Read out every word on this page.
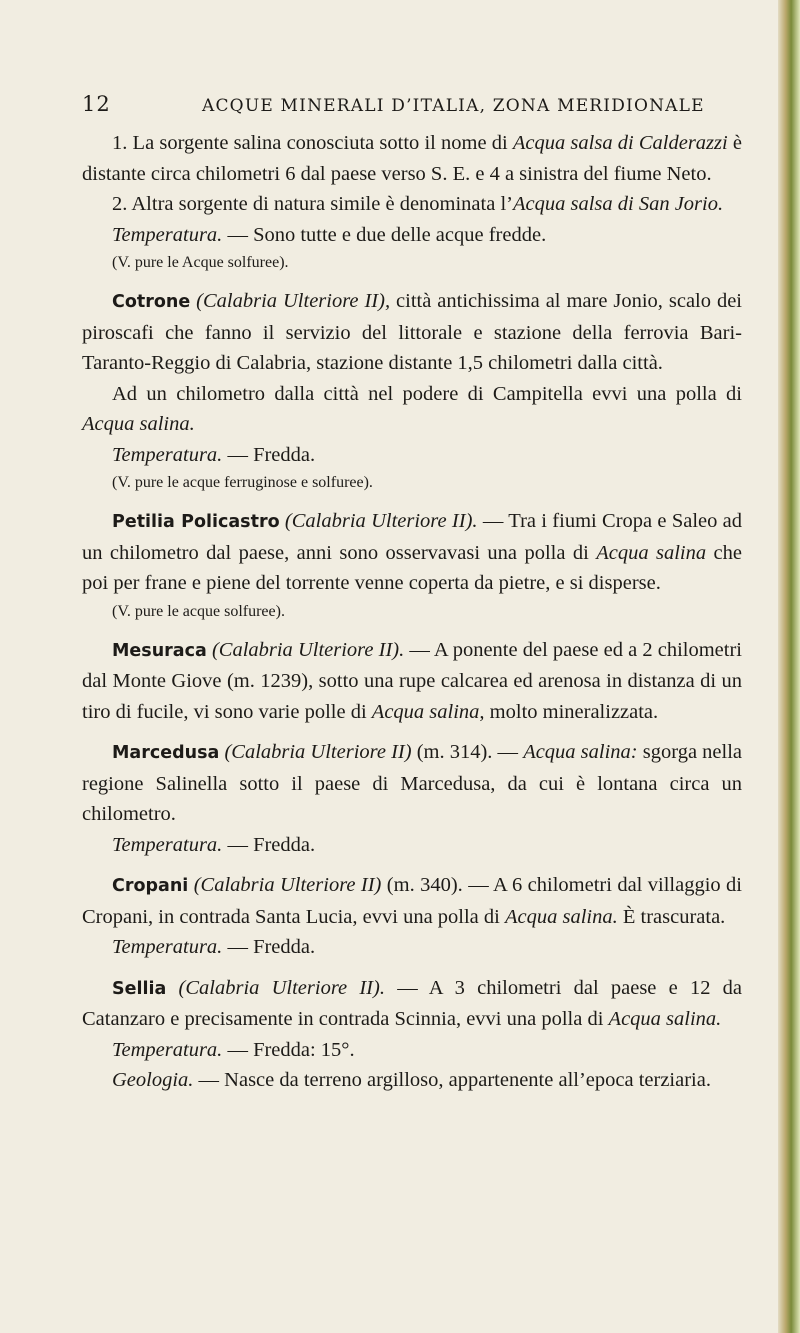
12	ACQUE MINERALI D’ITALIA, ZONA MERIDIONALE

1. La sorgente salina conosciuta sotto il nome di Acqua salsa di Calderazzi è distante circa chilometri 6 dal paese verso S. E. e 4 a sinistra del fiume Neto.

2. Altra sorgente di natura simile è denominata l’Acqua salsa di San Jorio.

Temperatura. — Sono tutte e due delle acque fredde.

(V. pure le Acque solfuree).

Cotrone (Calabria Ulteriore II), città antichissima al mare Jonio, scalo dei piroscafi che fanno il servizio del littorale e stazione della ferrovia Bari-Taranto-Reggio di Calabria, stazione distante 1,5 chilometri dalla città.

Ad un chilometro dalla città nel podere di Campitella evvi una polla di Acqua salina.

Temperatura. — Fredda.

(V. pure le acque ferruginose e solfuree).

Petilia Policastro (Calabria Ulteriore II). — Tra i fiumi Cropa e Saleo ad un chilometro dal paese, anni sono osservavasi una polla di Acqua salina che poi per frane e piene del torrente venne coperta da pietre, e si disperse.

(V. pure le acque solfuree).

Mesuraca (Calabria Ulteriore II). — A ponente del paese ed a 2 chilometri dal Monte Giove (m. 1239), sotto una rupe calcarea ed arenosa in distanza di un tiro di fucile, vi sono varie polle di Acqua salina, molto mineralizzata.

Marcedusa (Calabria Ulteriore II) (m. 314). — Acqua salina: sgorga nella regione Salinella sotto il paese di Marcedusa, da cui è lontana circa un chilometro.

Temperatura. — Fredda.

Cropani (Calabria Ulteriore II) (m. 340). — A 6 chilometri dal villaggio di Cropani, in contrada Santa Lucia, evvi una polla di Acqua salina. È trascurata.

Temperatura. — Fredda.

Sellia (Calabria Ulteriore II). — A 3 chilometri dal paese e 12 da Catanzaro e precisamente in contrada Scinnia, evvi una polla di Acqua salina.

Temperatura. — Fredda: 15°.

Geologia. — Nasce da terreno argilloso, appartenente all’epoca terziaria.
